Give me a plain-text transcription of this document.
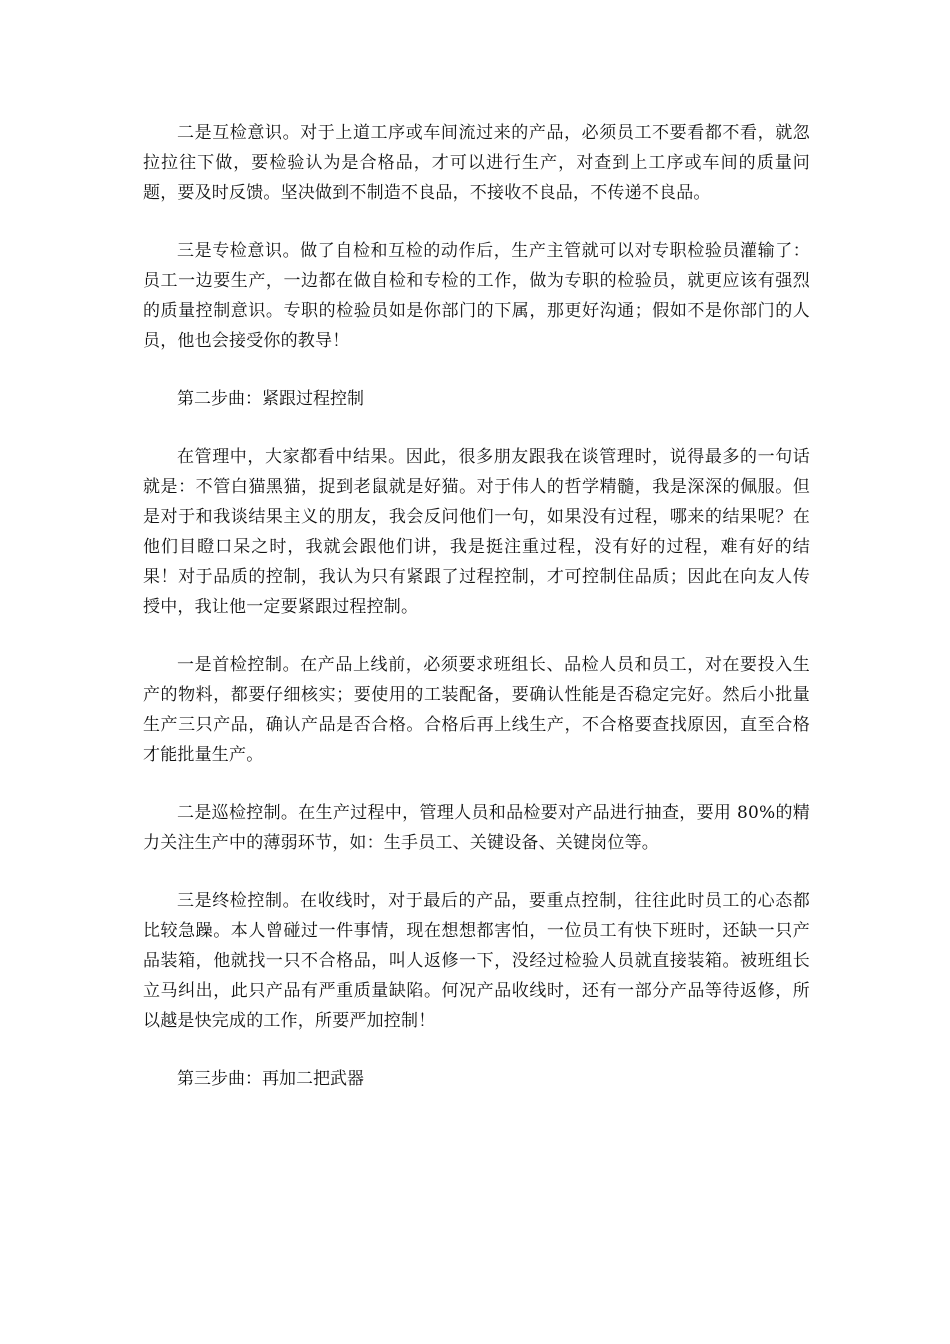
二是互检意识。对于上道工序或车间流过来的产品，必须员工不要看都不看，就忽拉拉往下做，要检验认为是合格品，才可以进行生产，对查到上工序或车间的质量问题，要及时反馈。坚决做到不制造不良品，不接收不良品，不传递不良品。

三是专检意识。做了自检和互检的动作后，生产主管就可以对专职检验员灌输了：员工一边要生产，一边都在做自检和专检的工作，做为专职的检验员，就更应该有强烈的质量控制意识。专职的检验员如是你部门的下属，那更好沟通；假如不是你部门的人员，他也会接受你的教导！

第二步曲：紧跟过程控制

在管理中，大家都看中结果。因此，很多朋友跟我在谈管理时，说得最多的一句话就是：不管白猫黑猫，捉到老鼠就是好猫。对于伟人的哲学精髓，我是深深的佩服。但是对于和我谈结果主义的朋友，我会反问他们一句，如果没有过程，哪来的结果呢？在他们目瞪口呆之时，我就会跟他们讲，我是挺注重过程，没有好的过程，难有好的结果！对于品质的控制，我认为只有紧跟了过程控制，才可控制住品质；因此在向友人传授中，我让他一定要紧跟过程控制。

一是首检控制。在产品上线前，必须要求班组长、品检人员和员工，对在要投入生产的物料，都要仔细核实；要使用的工装配备，要确认性能是否稳定完好。然后小批量生产三只产品，确认产品是否合格。合格后再上线生产，不合格要查找原因，直至合格才能批量生产。

二是巡检控制。在生产过程中，管理人员和品检要对产品进行抽查，要用 80%的精力关注生产中的薄弱环节，如：生手员工、关键设备、关键岗位等。

三是终检控制。在收线时，对于最后的产品，要重点控制，往往此时员工的心态都比较急躁。本人曾碰过一件事情，现在想想都害怕，一位员工有快下班时，还缺一只产品装箱，他就找一只不合格品，叫人返修一下，没经过检验人员就直接装箱。被班组长立马纠出，此只产品有严重质量缺陷。何况产品收线时，还有一部分产品等待返修，所以越是快完成的工作，所要严加控制！

第三步曲：再加二把武器
